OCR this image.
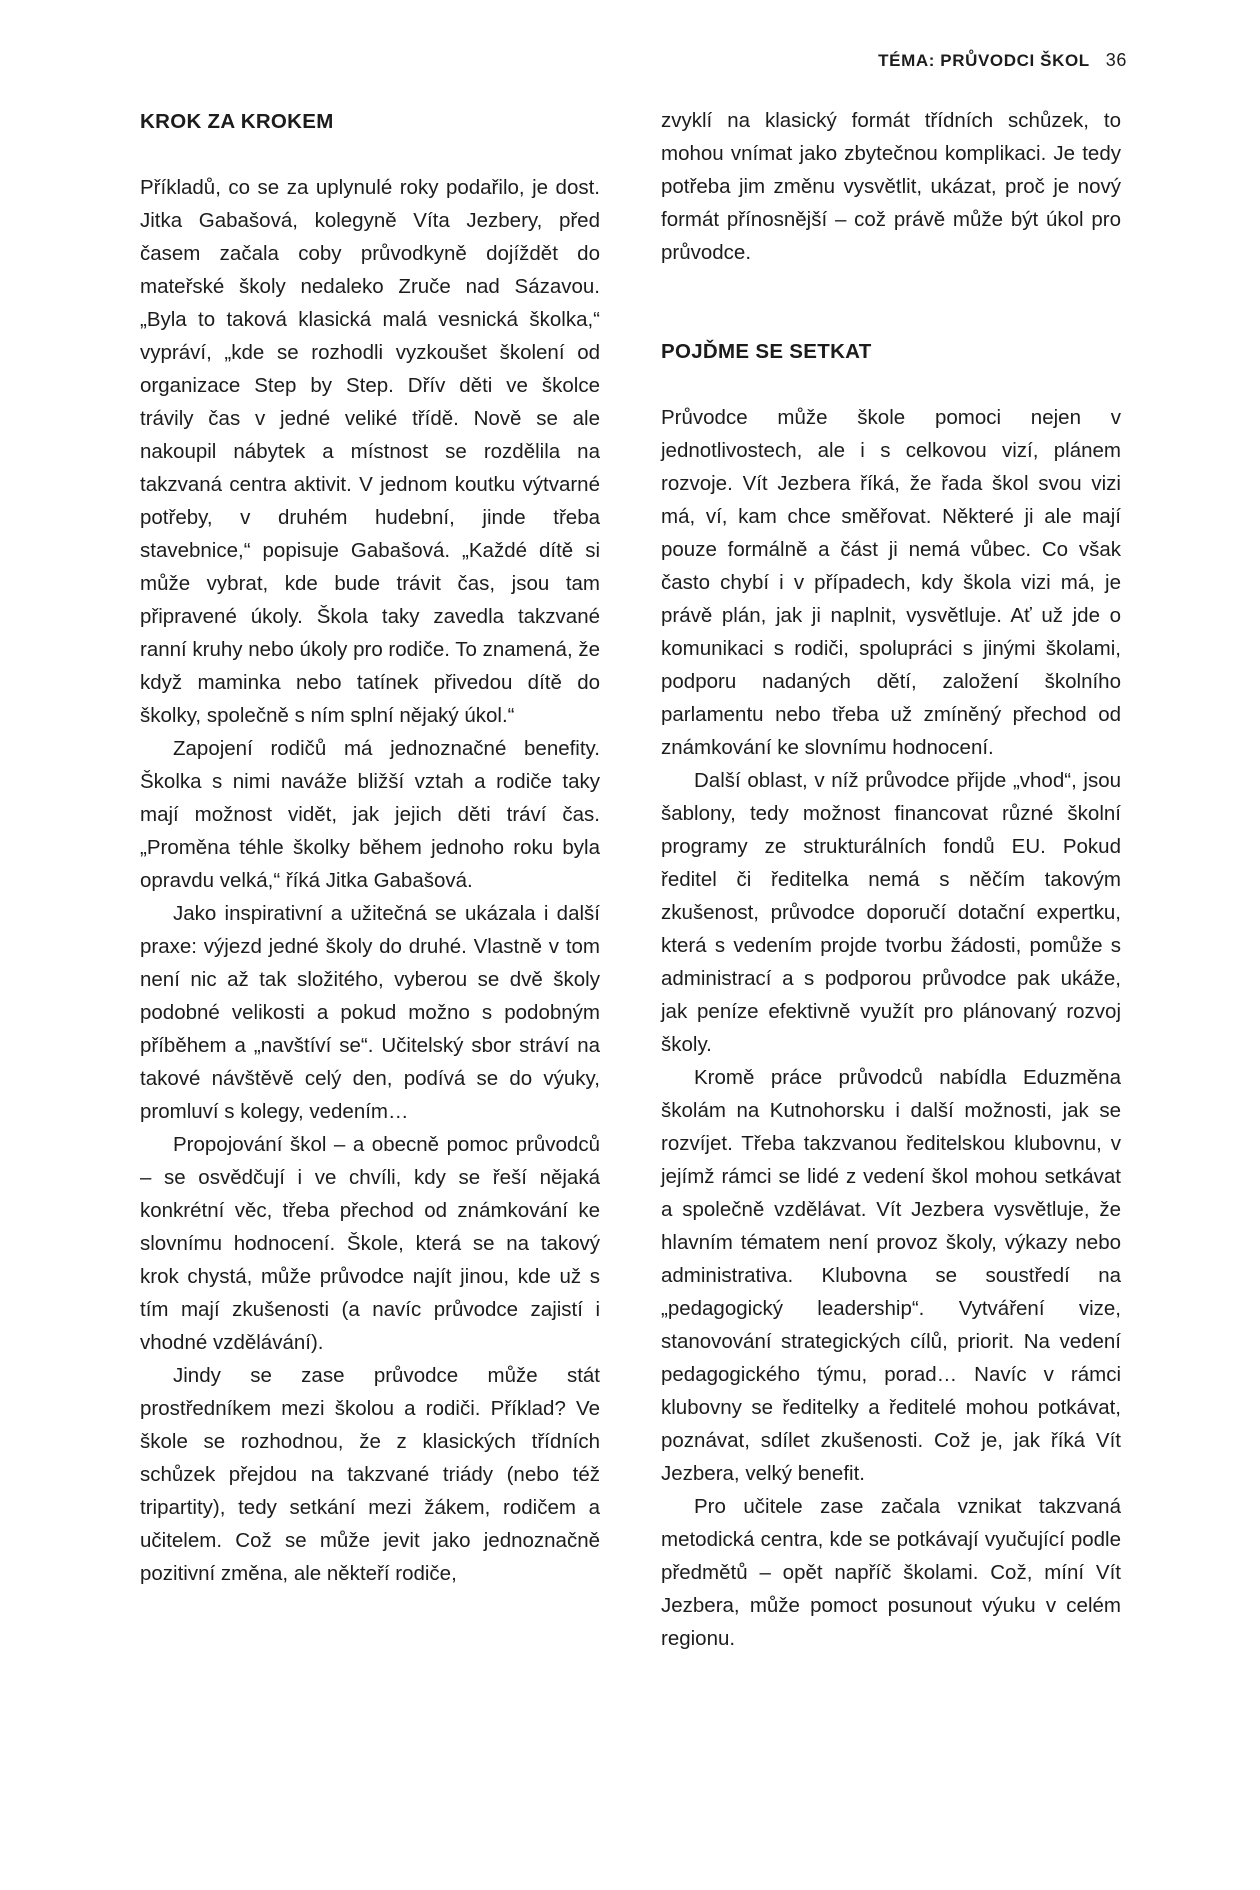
TÉMA: PRŮVODCI ŠKOL 36
KROK ZA KROKEM

Příkladů, co se za uplynulé roky podařilo, je dost. Jitka Gabašová, kolegyně Víta Jezbery, před časem začala coby průvodkyně dojíždět do mateřské školy nedaleko Zruče nad Sázavou. „Byla to taková klasická malá vesnická školka,“ vypráví, „kde se rozhodli vyzkoušet školení od organizace Step by Step. Dřív děti ve školce trávily čas v jedné veliké třídě. Nově se ale nakoupil nábytek a místnost se rozdělila na takzvaná centra aktivit. V jednom koutku výtvarné potřeby, v druhém hudební, jinde třeba stavebnice,“ popisuje Gabašová. „Každé dítě si může vybrat, kde bude trávit čas, jsou tam připravené úkoly. Škola taky zavedla takzvané ranní kruhy nebo úkoly pro rodiče. To znamená, že když maminka nebo tatínek přivedou dítě do školky, společně s ním splní nějaký úkol.“

Zapojení rodičů má jednoznačné benefity. Školka s nimi naváže bližší vztah a rodiče taky mají možnost vidět, jak jejich děti tráví čas. „Proměna téhle školky během jednoho roku byla opravdu velká,“ říká Jitka Gabašová.

Jako inspirativní a užitečná se ukázala i další praxe: výjezd jedné školy do druhé. Vlastně v tom není nic až tak složitého, vyberou se dvě školy podobné velikosti a pokud možno s podobným příběhem a „navštíví se“. Učitelský sbor stráví na takové návštěvě celý den, podívá se do výuky, promluví s kolegy, vedením…

Propojování škol – a obecně pomoc průvodců – se osvědčují i ve chvíli, kdy se řeší nějaká konkrétní věc, třeba přechod od známkování ke slovnímu hodnocení. Škole, která se na takový krok chystá, může průvodce najít jinou, kde už s tím mají zkušenosti (a navíc průvodce zajistí i vhodné vzdělávání).

Jindy se zase průvodce může stát prostředníkem mezi školou a rodiči. Příklad? Ve škole se rozhodnou, že z klasických třídních schůzek přejdou na takzvané triády (nebo též tripartity), tedy setkání mezi žákem, rodičem a učitelem. Což se může jevit jako jednoznačně pozitivní změna, ale někteří rodiče,

zvyklí na klasický formát třídních schůzek, to mohou vnímat jako zbytečnou komplikaci. Je tedy potřeba jim změnu vysvětlit, ukázat, proč je nový formát přínosnější – což právě může být úkol pro průvodce.

POJĎME SE SETKAT

Průvodce může škole pomoci nejen v jednotlivostech, ale i s celkovou vizí, plánem rozvoje. Vít Jezbera říká, že řada škol svou vizi má, ví, kam chce směřovat. Některé ji ale mají pouze formálně a část ji nemá vůbec. Co však často chybí i v případech, kdy škola vizi má, je právě plán, jak ji naplnit, vysvětluje. Ať už jde o komunikaci s rodiči, spolupráci s jinými školami, podporu nadaných dětí, založení školního parlamentu nebo třeba už zmíněný přechod od známkování ke slovnímu hodnocení.

Další oblast, v níž průvodce přijde „vhod“, jsou šablony, tedy možnost financovat různé školní programy ze strukturálních fondů EU. Pokud ředitel či ředitelka nemá s něčím takovým zkušenost, průvodce doporučí dotační expertku, která s vedením projde tvorbu žádosti, pomůže s administrací a s podporou průvodce pak ukáže, jak peníze efektivně využít pro plánovaný rozvoj školy.

Kromě práce průvodců nabídla Eduzměna školám na Kutnohorsku i další možnosti, jak se rozvíjet. Třeba takzvanou ředitelskou klubovnu, v jejímž rámci se lidé z vedení škol mohou setkávat a společně vzdělávat. Vít Jezbera vysvětluje, že hlavním tématem není provoz školy, výkazy nebo administrativa. Klubovna se soustředí na „pedagogický leadership“. Vytváření vize, stanovování strategických cílů, priorit. Na vedení pedagogického týmu, porad… Navíc v rámci klubovny se ředitelky a ředitelé mohou potkávat, poznávat, sdílet zkušenosti. Což je, jak říká Vít Jezbera, velký benefit.

Pro učitele zase začala vznikat takzvaná metodická centra, kde se potkávají vyučující podle předmětů – opět napříč školami. Což, míní Vít Jezbera, může pomoct posunout výuku v celém regionu.
